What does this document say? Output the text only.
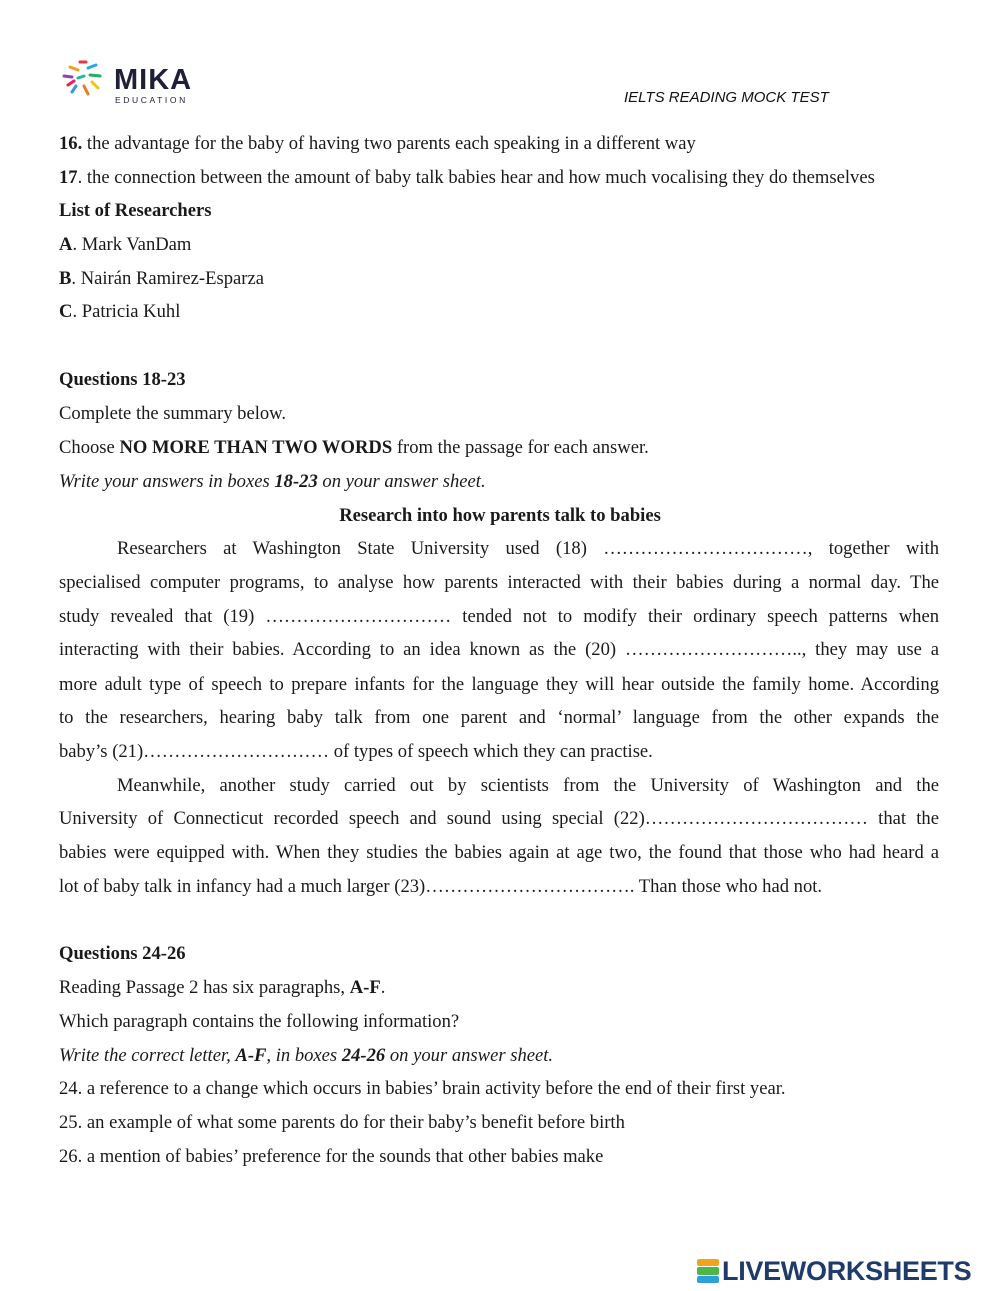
MIKA
EDUCATION	IELTS READING MOCK TEST
16. the advantage for the baby of having two parents each speaking in a different way
17. the connection between the amount of baby talk babies hear and how much vocalising they do themselves
List of Researchers
A. Mark VanDam
B. Nairán Ramirez-Esparza
C. Patricia Kuhl
Questions 18-23
Complete the summary below.
Choose NO MORE THAN TWO WORDS from the passage for each answer.
Write your answers in boxes 18-23 on your answer sheet.
Research into how parents talk to babies
Researchers at Washington State University used (18) ……………………………, together with
specialised computer programs, to analyse how parents interacted with their babies during a normal day. The
study revealed that (19) ………………………… tended not to modify their ordinary speech patterns when
interacting with their babies. According to an idea known as the (20) ……………………….., they may use a
more adult type of speech to prepare infants for the language they will hear outside the family home. According
to the researchers, hearing baby talk from one parent and ‘normal’ language from the other expands the
baby’s (21)………………………… of types of speech which they can practise.
Meanwhile, another study carried out by scientists from the University of Washington and the
University of Connecticut recorded speech and sound using special (22)……………………………… that the
babies were equipped with. When they studies the babies again at age two, the found that those who had heard a
lot of baby talk in infancy had a much larger (23)……………………………. Than those who had not.
Questions 24-26
Reading Passage 2 has six paragraphs, A-F.
Which paragraph contains the following information?
Write the correct letter, A-F, in boxes 24-26 on your answer sheet.
24. a reference to a change which occurs in babies’ brain activity before the end of their first year.
25. an example of what some parents do for their baby’s benefit before birth
26. a mention of babies’ preference for the sounds that other babies make
LIVEWORKSHEETS
